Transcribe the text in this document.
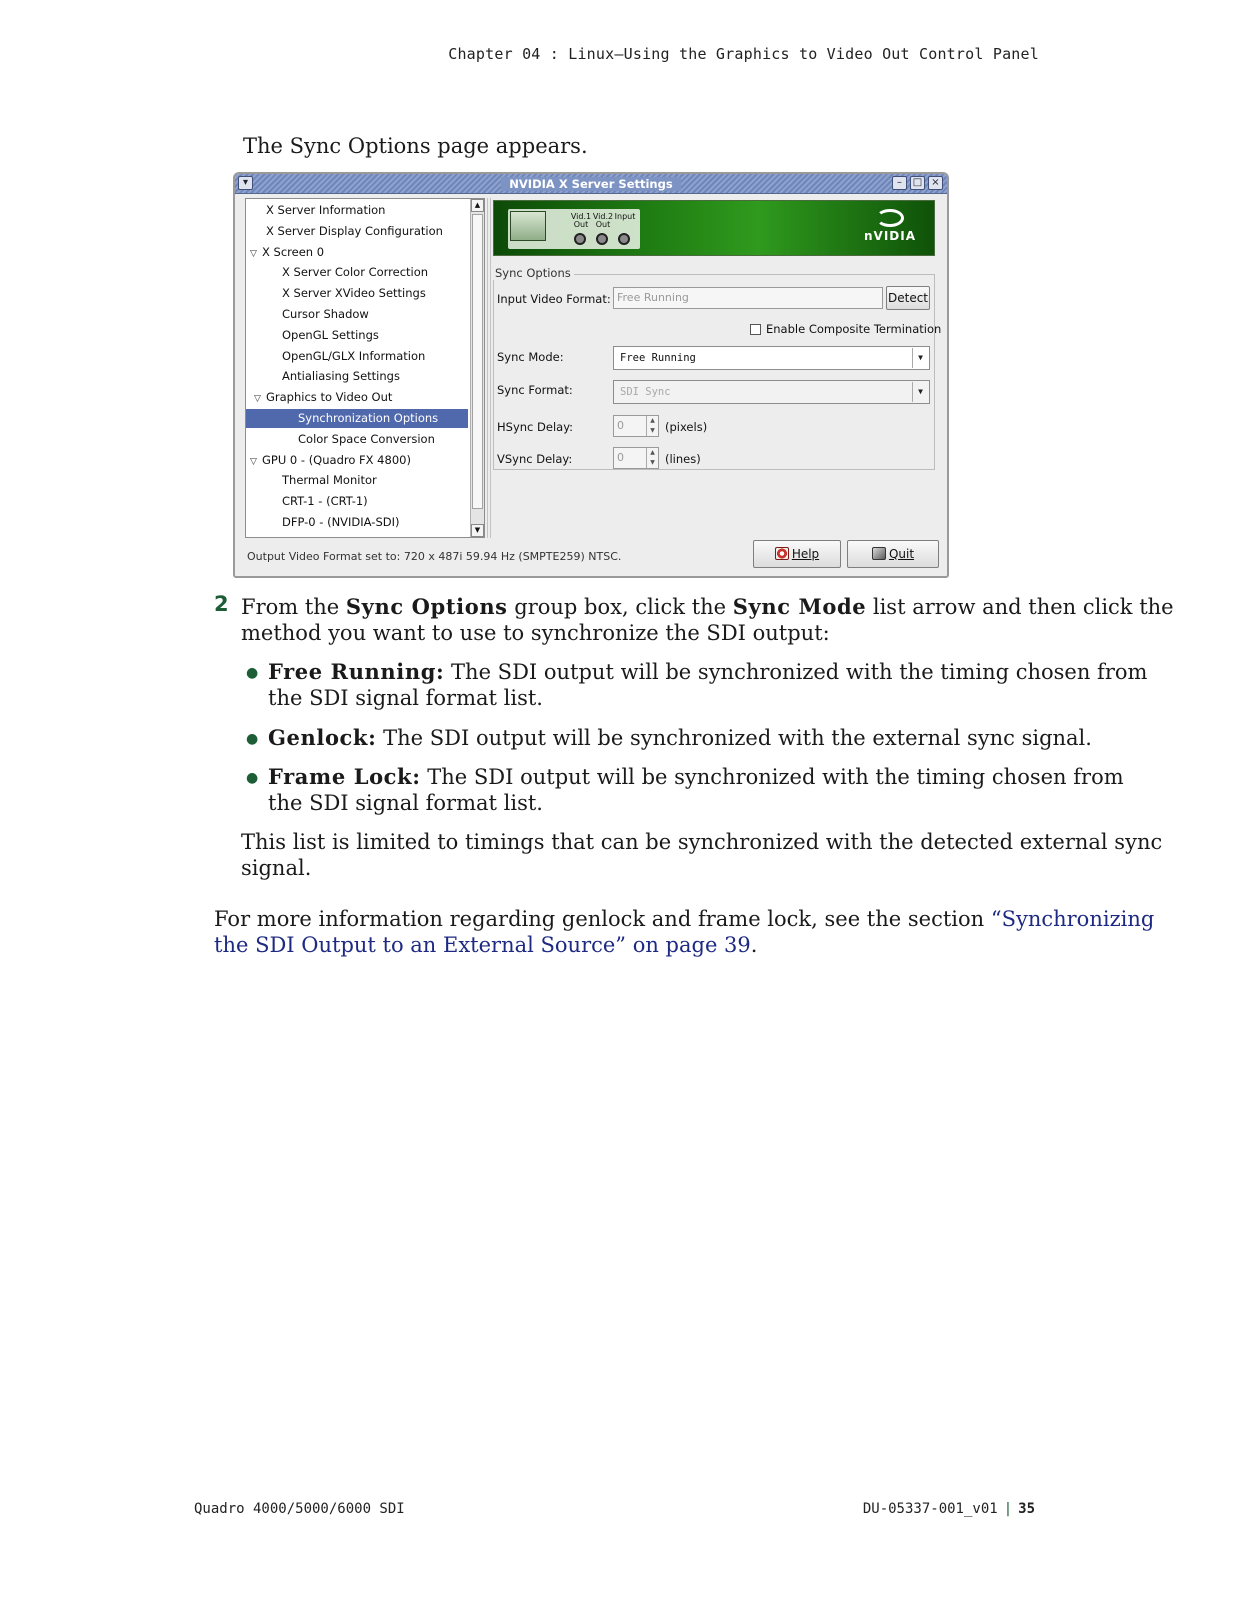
Chapter 04 : Linux—Using the Graphics to Video Out Control Panel
The Sync Options page appears.
▾	NVIDIA X Server Settings	–	□ ×
X Server Information
X Server Display Configuration
▽ X Screen 0
X Server Color Correction
X Server XVideo Settings
Cursor Shadow
OpenGL Settings
OpenGL/GLX Information
Antialiasing Settings
▽ Graphics to Video Out
Synchronization Options
Color Space Conversion
▽ GPU 0 - (Quadro FX 4800)
Thermal Monitor
CRT-1 - (CRT-1)
DFP-0 - (NVIDIA-SDI)
▲
▼
Vid.1 Out
Vid.2 Out
Input
nVIDIA
Sync Options
Input Video Format: Free Running	Detect
Enable Composite Termination
Sync Mode:	Free Running	▼
Sync Format:	SDI Sync	▼
HSync Delay:	0	▲
▼ (pixels)
VSync Delay:	0	▲
▼ (lines)
Output Video Format set to: 720 x 487i 59.94 Hz (SMPTE259) NTSC.	Help	Quit
2 From the Sync Options group box, click the Sync Mode list arrow and then click the
method you want to use to synchronize the SDI output:
● Free Running: The SDI output will be synchronized with the timing chosen from
the SDI signal format list.
● Genlock: The SDI output will be synchronized with the external sync signal.
● Frame Lock: The SDI output will be synchronized with the timing chosen from
the SDI signal format list.
This list is limited to timings that can be synchronized with the detected external sync
signal.
For more information regarding genlock and frame lock, see the section “Synchronizing
the SDI Output to an External Source” on page 39.
Quadro 4000/5000/6000 SDI	DU-05337-001_v01 | 35
